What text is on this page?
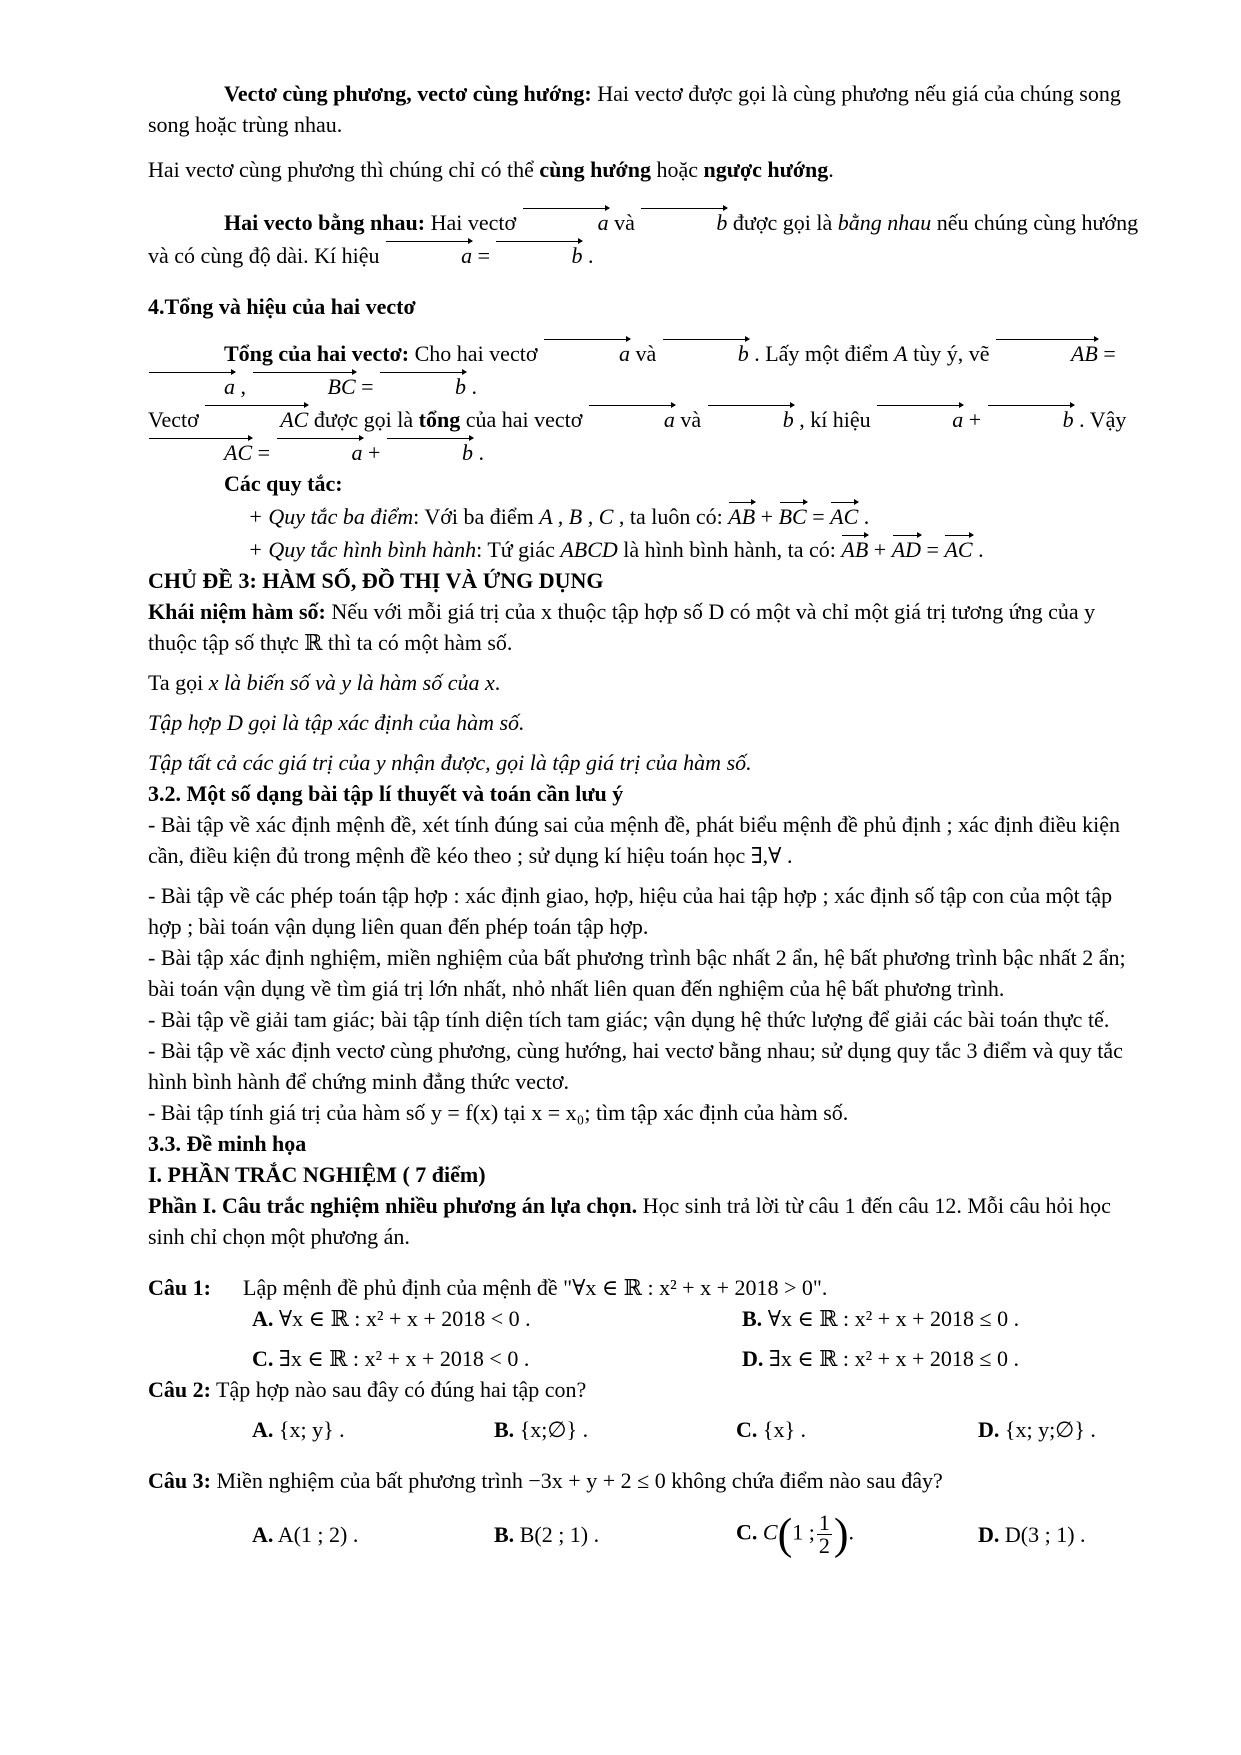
Vectơ cùng phương, vectơ cùng hướng: Hai vectơ được gọi là cùng phương nếu giá của chúng song song hoặc trùng nhau.

Hai vectơ cùng phương thì chúng chỉ có thể cùng hướng hoặc ngược hướng.

Hai vecto bằng nhau: Hai vectơ	a và	b được gọi là bằng nhau nếu chúng cùng hướng và có cùng độ dài. Kí hiệu	a =	b .

4.Tổng và hiệu của hai vectơ

Tổng của hai vectơ: Cho hai vectơ	a và	b . Lấy một điểm A tùy ý, vẽ	AB = a ,	BC =	b .
Vectơ	AC được gọi là tổng của hai vectơ	a và	b , kí hiệu	a +	b . Vậy AC =	a +	b .

Các quy tắc:

+ Quy tắc ba điểm: Với ba điểm A , B , C , ta luôn có: AB + BC = AC .

+ Quy tắc hình bình hành: Tứ giác ABCD là hình bình hành, ta có: AB + AD = AC .

CHỦ ĐỀ 3: HÀM SỐ, ĐỒ THỊ VÀ ỨNG DỤNG

Khái niệm hàm số: Nếu với mỗi giá trị của x thuộc tập hợp số D có một và chỉ một giá trị tương ứng của y thuộc tập số thực ℝ thì ta có một hàm số.

Ta gọi x là biến số và y là hàm số của x.

Tập hợp D gọi là tập xác định của hàm số.

Tập tất cả các giá trị của y nhận được, gọi là tập giá trị của hàm số.

3.2. Một số dạng bài tập lí thuyết và toán cần lưu ý

- Bài tập về xác định mệnh đề, xét tính đúng sai của mệnh đề, phát biểu mệnh đề phủ định ; xác định điều kiện cần, điều kiện đủ trong mệnh đề kéo theo ; sử dụng kí hiệu toán học ∃,∀ .

- Bài tập về các phép toán tập hợp : xác định giao, hợp, hiệu của hai tập hợp ; xác định số tập con của một tập hợp ; bài toán vận dụng liên quan đến phép toán tập hợp.

- Bài tập xác định nghiệm, miền nghiệm của bất phương trình bậc nhất 2 ẩn, hệ bất phương trình bậc nhất 2 ẩn; bài toán vận dụng về tìm giá trị lớn nhất, nhỏ nhất liên quan đến nghiệm của hệ bất phương trình.

- Bài tập về giải tam giác; bài tập tính diện tích tam giác; vận dụng hệ thức lượng để giải các bài toán thực tế.

- Bài tập về xác định vectơ cùng phương, cùng hướng, hai vectơ bằng nhau; sử dụng quy tắc 3 điểm và quy tắc hình bình hành để chứng minh đẳng thức vectơ.

- Bài tập tính giá trị của hàm số y = f(x) tại x = x₀; tìm tập xác định của hàm số.

3.3. Đề minh họa

I. PHẦN TRẮC NGHIỆM ( 7 điểm)

Phần I. Câu trắc nghiệm nhiều phương án lựa chọn. Học sinh trả lời từ câu 1 đến câu 12. Mỗi câu hỏi học sinh chỉ chọn một phương án.

Câu 1: Lập mệnh đề phủ định của mệnh đề "∀x ∈ ℝ : x² + x + 2018 > 0".

A. ∀x ∈ ℝ : x² + x + 2018 < 0 .	B. ∀x ∈ ℝ : x² + x + 2018 ≤ 0 .
C. ∃x ∈ ℝ : x² + x + 2018 < 0 .	D. ∃x ∈ ℝ : x² + x + 2018 ≤ 0 .

Câu 2: Tập hợp nào sau đây có đúng hai tập con?

A. {x; y} .	B. {x;∅} .	C. {x} .	D. {x; y;∅} .

Câu 3: Miền nghiệm của bất phương trình −3x + y + 2 ≤ 0 không chứa điểm nào sau đây?

A. A(1 ; 2) .	B. B(2 ; 1) .	C. C(1 ; $\frac{1}{2}$ ).	D. D(3 ; 1) .
